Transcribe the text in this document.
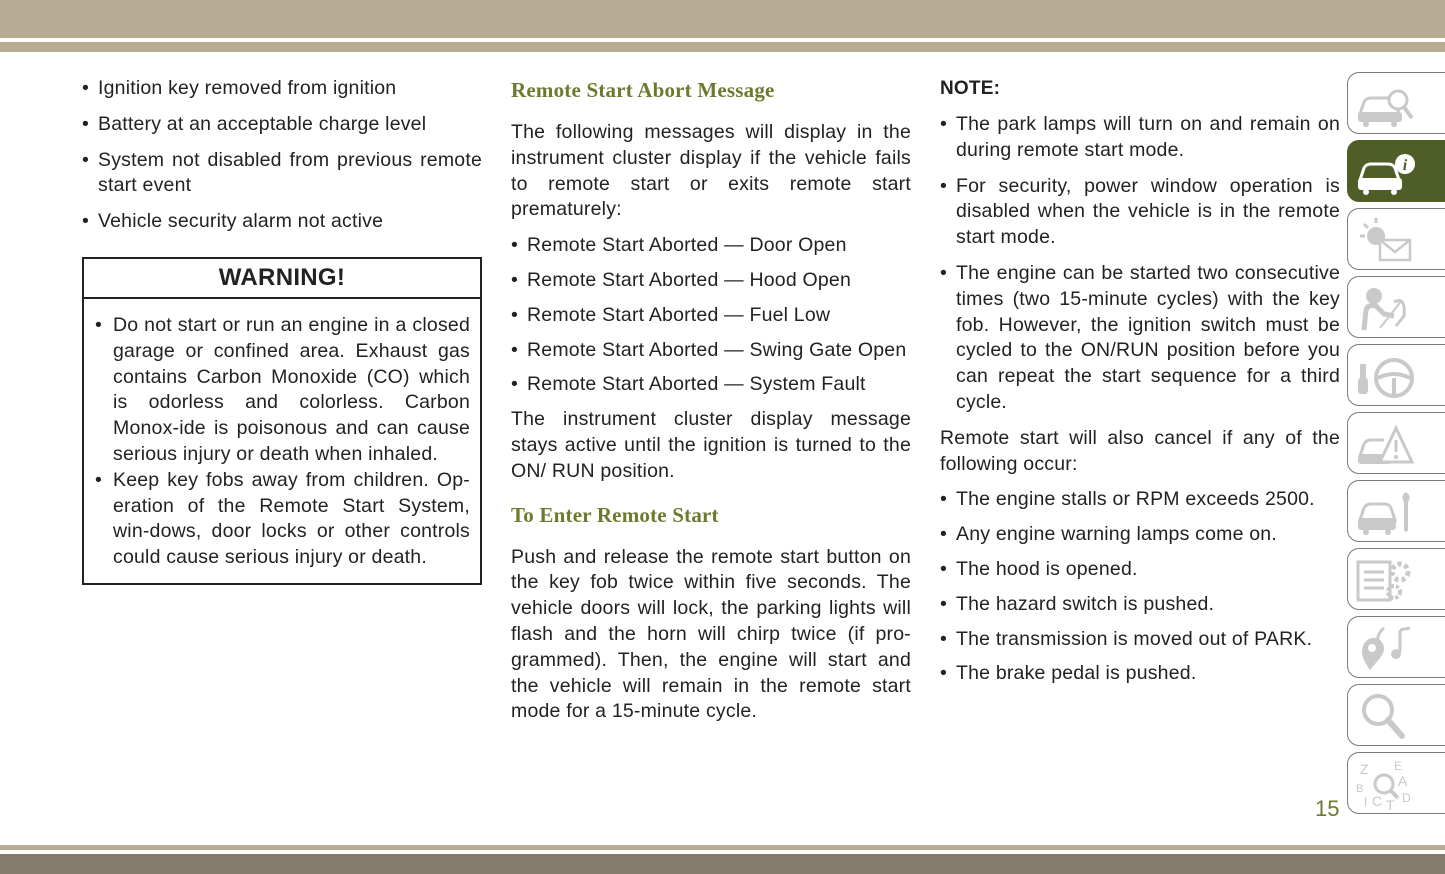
• Ignition key removed from ignition
• Battery at an acceptable charge level
• System not disabled from previous remote start event
• Vehicle security alarm not active
WARNING!
• Do not start or run an engine in a closed garage or confined area. Exhaust gas contains Carbon Monoxide (CO) which is odorless and colorless. Carbon Monox-ide is poisonous and can cause serious injury or death when inhaled.
• Keep key fobs away from children. Op-eration of the Remote Start System, win-dows, door locks or other controls could cause serious injury or death.
Remote Start Abort Message

The following messages will display in the instrument cluster display if the vehicle fails to remote start or exits remote start prematurely:

• Remote Start Aborted — Door Open
• Remote Start Aborted — Hood Open
• Remote Start Aborted — Fuel Low
• Remote Start Aborted — Swing Gate Open
• Remote Start Aborted — System Fault

The instrument cluster display message stays active until the ignition is turned to the ON/ RUN position.

To Enter Remote Start

Push and release the remote start button on the key fob twice within five seconds. The vehicle doors will lock, the parking lights will flash and the horn will chirp twice (if pro-grammed). Then, the engine will start and the vehicle will remain in the remote start mode for a 15-minute cycle.

NOTE:
• The park lamps will turn on and remain on during remote start mode.
• For security, power window operation is disabled when the vehicle is in the remote start mode.
• The engine can be started two consecutive times (two 15-minute cycles) with the key fob. However, the ignition switch must be cycled to the ON/RUN position before you can repeat the start sequence for a third cycle.

Remote start will also cancel if any of the following occur:

• The engine stalls or RPM exceeds 2500.
• Any engine warning lamps come on.
• The hood is opened.
• The hazard switch is pushed.
• The transmission is moved out of PARK.
• The brake pedal is pushed.
i
Z E
A
B
I C T D
15
